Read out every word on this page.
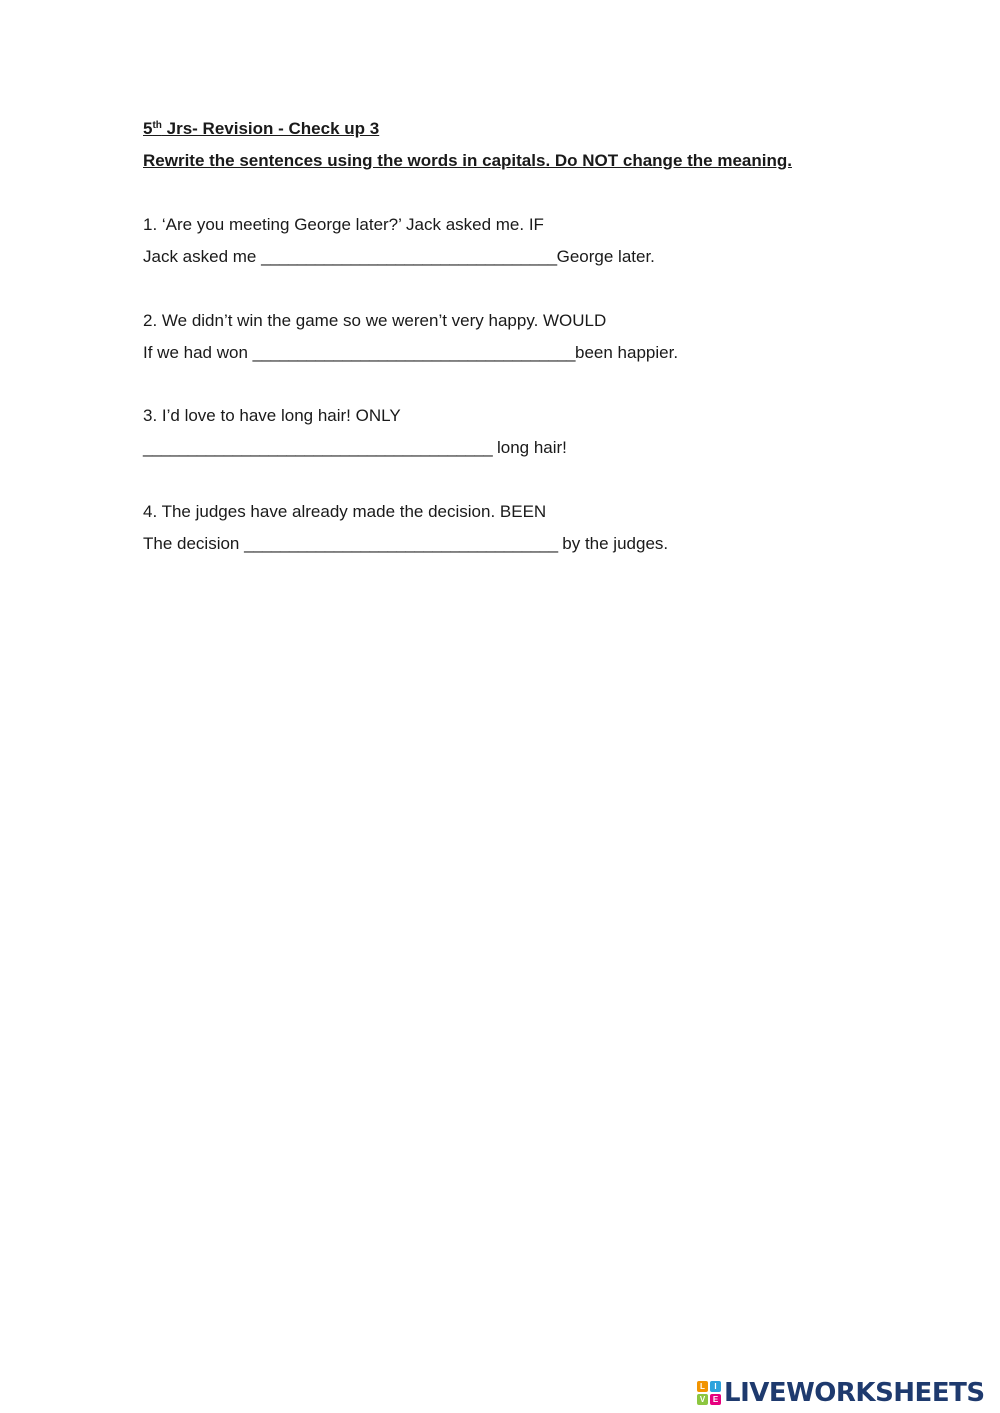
5th Jrs- Revision - Check up 3
Rewrite the sentences using the words in capitals. Do NOT change the meaning.
1. ‘Are you meeting George later?’ Jack asked me. IF
Jack asked me _________________________________George later.
2. We didn’t win the game so we weren’t very happy. WOULD
If we had won ____________________________________been happier.
3. I’d love to have long hair! ONLY
_______________________________________ long hair!
4. The judges have already made the decision. BEEN
The decision ___________________________________ by the judges.
L	I
V E LIVEWORKSHEETS
